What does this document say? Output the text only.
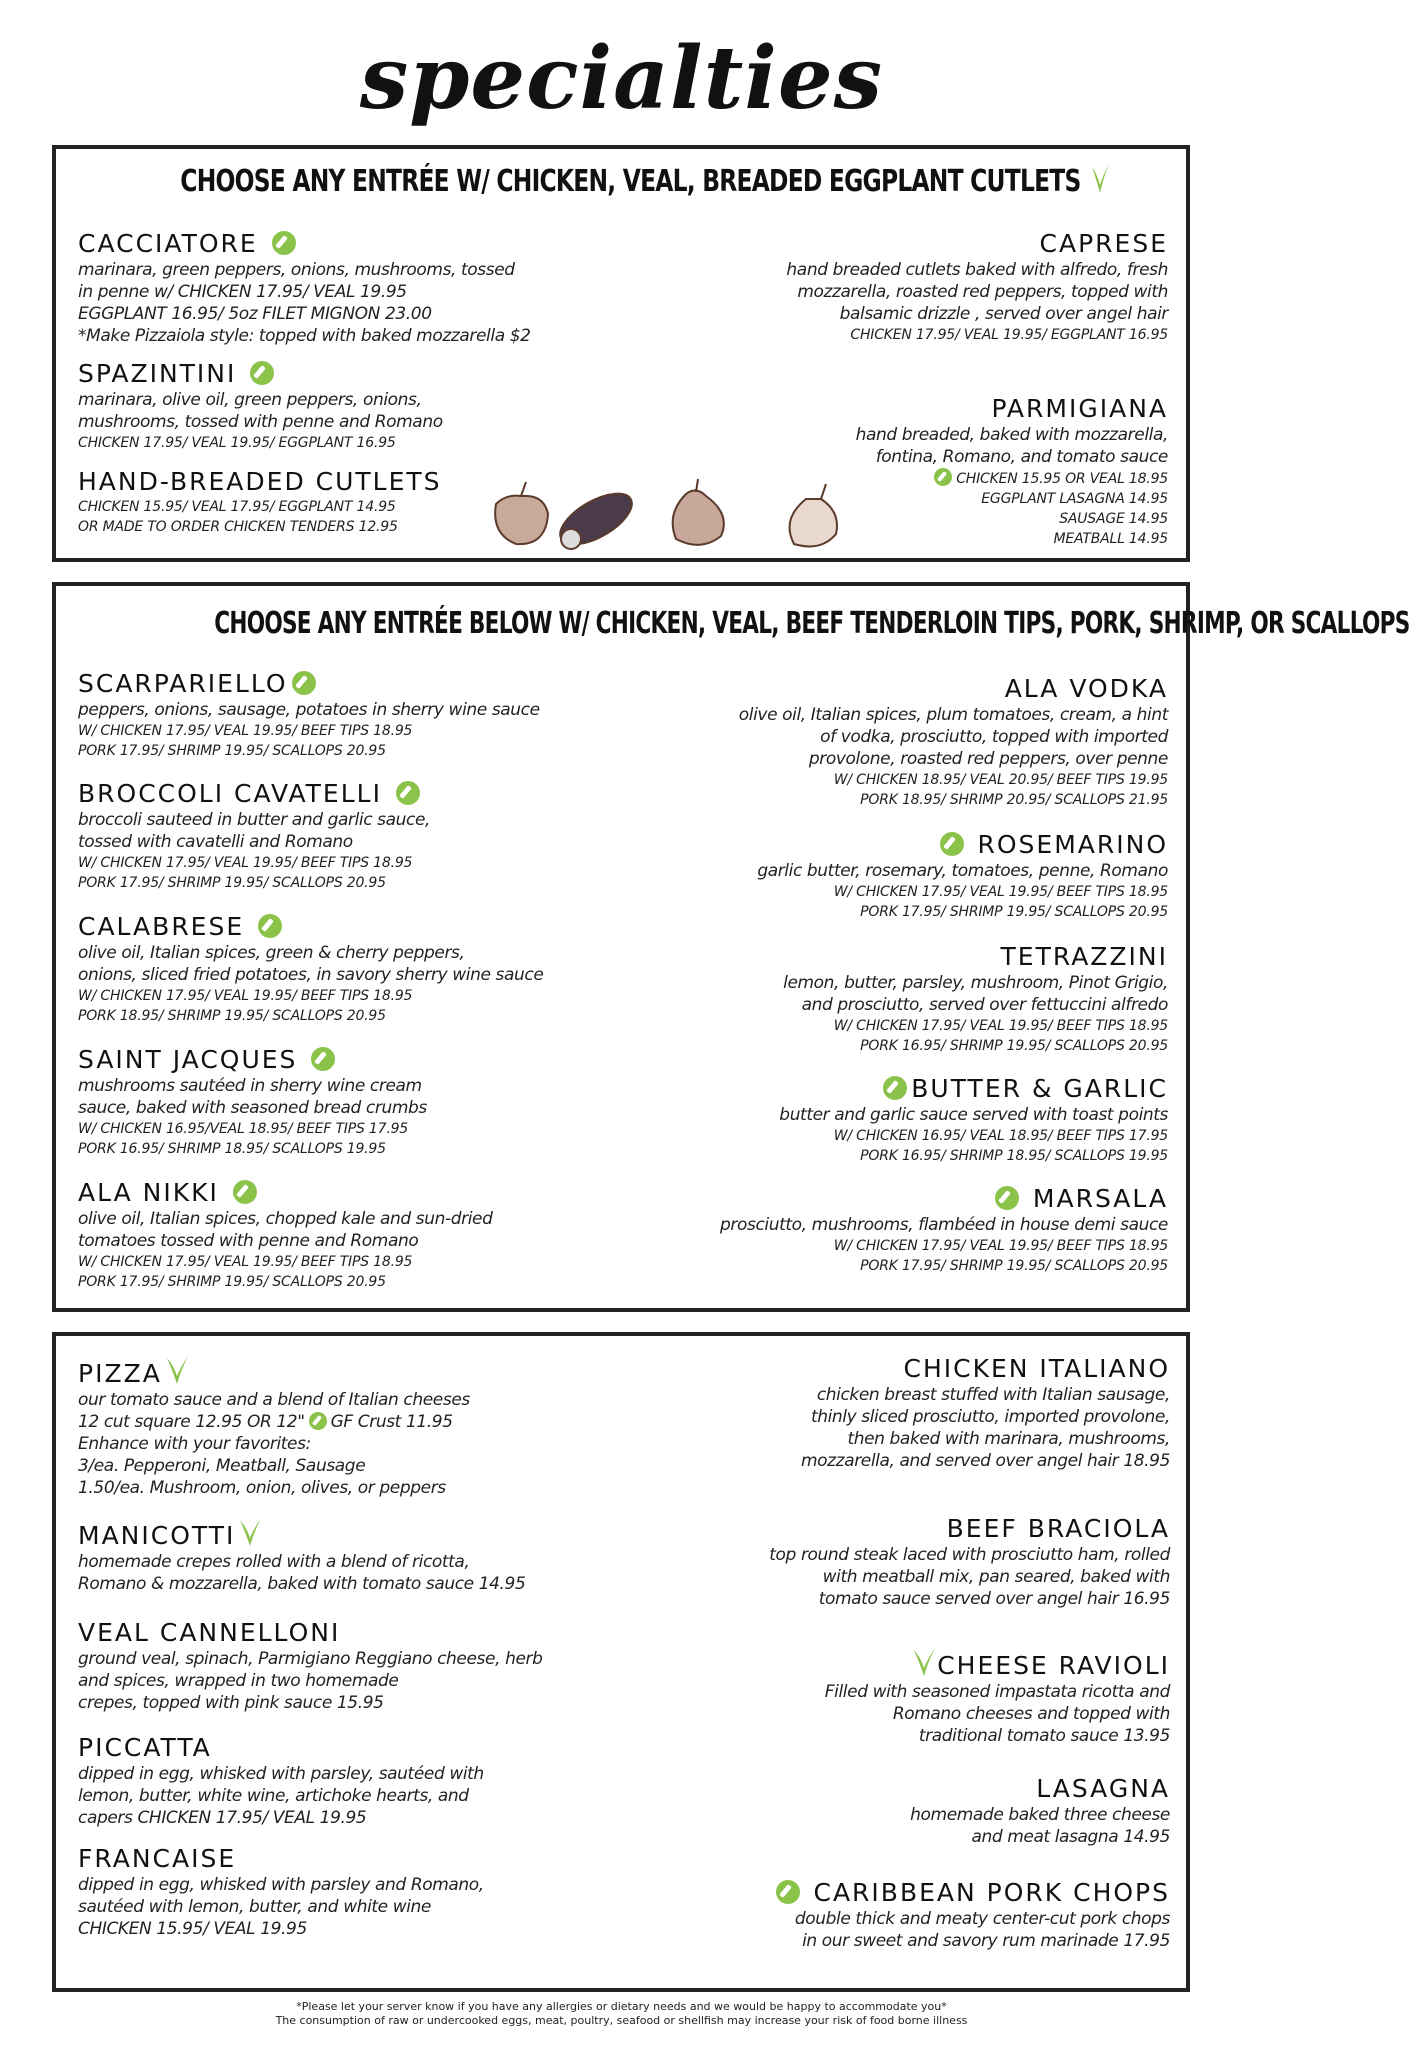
specialties
CHOOSE ANY ENTRÉE W/ CHICKEN, VEAL, BREADED EGGPLANT CUTLETS
CACCIATORE
marinara, green peppers, onions, mushrooms, tossed
in penne w/ CHICKEN 17.95/ VEAL 19.95
EGGPLANT 16.95/ 5oz FILET MIGNON 23.00
*Make Pizzaiola style: topped with baked mozzarella $2
SPAZINTINI
marinara, olive oil, green peppers, onions,
mushrooms, tossed with penne and Romano
CHICKEN 17.95/ VEAL 19.95/ EGGPLANT 16.95
HAND-BREADED CUTLETS
CHICKEN 15.95/ VEAL 17.95/ EGGPLANT 14.95
OR MADE TO ORDER CHICKEN TENDERS 12.95
CAPRESE
hand breaded cutlets baked with alfredo, fresh
mozzarella, roasted red peppers, topped with
balsamic drizzle , served over angel hair
CHICKEN 17.95/ VEAL 19.95/ EGGPLANT 16.95
PARMIGIANA
hand breaded, baked with mozzarella,
fontina, Romano, and tomato sauce
CHICKEN 15.95 OR VEAL 18.95
EGGPLANT LASAGNA 14.95
SAUSAGE 14.95
MEATBALL 14.95
CHOOSE ANY ENTRÉE BELOW W/ CHICKEN, VEAL, BEEF TENDERLOIN TIPS, PORK, SHRIMP, OR SCALLOPS
SCARPARIELLO
peppers, onions, sausage, potatoes in sherry wine sauce
W/ CHICKEN 17.95/ VEAL 19.95/ BEEF TIPS 18.95
PORK 17.95/ SHRIMP 19.95/ SCALLOPS 20.95
BROCCOLI CAVATELLI
broccoli sauteed in butter and garlic sauce,
tossed with cavatelli and Romano
W/ CHICKEN 17.95/ VEAL 19.95/ BEEF TIPS 18.95
PORK 17.95/ SHRIMP 19.95/ SCALLOPS 20.95
CALABRESE
olive oil, Italian spices, green & cherry peppers,
onions, sliced fried potatoes, in savory sherry wine sauce
W/ CHICKEN 17.95/ VEAL 19.95/ BEEF TIPS 18.95
PORK 18.95/ SHRIMP 19.95/ SCALLOPS 20.95
SAINT JACQUES
mushrooms sautéed in sherry wine cream
sauce, baked with seasoned bread crumbs
W/ CHICKEN 16.95/VEAL 18.95/ BEEF TIPS 17.95
PORK 16.95/ SHRIMP 18.95/ SCALLOPS 19.95
ALA NIKKI
olive oil, Italian spices, chopped kale and sun-dried
tomatoes tossed with penne and Romano
W/ CHICKEN 17.95/ VEAL 19.95/ BEEF TIPS 18.95
PORK 17.95/ SHRIMP 19.95/ SCALLOPS 20.95
ALA VODKA
olive oil, Italian spices, plum tomatoes, cream, a hint
of vodka, prosciutto, topped with imported
provolone, roasted red peppers, over penne
W/ CHICKEN 18.95/ VEAL 20.95/ BEEF TIPS 19.95
PORK 18.95/ SHRIMP 20.95/ SCALLOPS 21.95
ROSEMARINO
garlic butter, rosemary, tomatoes, penne, Romano
W/ CHICKEN 17.95/ VEAL 19.95/ BEEF TIPS 18.95
PORK 17.95/ SHRIMP 19.95/ SCALLOPS 20.95
TETRAZZINI
lemon, butter, parsley, mushroom, Pinot Grigio,
and prosciutto, served over fettuccini alfredo
W/ CHICKEN 17.95/ VEAL 19.95/ BEEF TIPS 18.95
PORK 16.95/ SHRIMP 19.95/ SCALLOPS 20.95
BUTTER & GARLIC
butter and garlic sauce served with toast points
W/ CHICKEN 16.95/ VEAL 18.95/ BEEF TIPS 17.95
PORK 16.95/ SHRIMP 18.95/ SCALLOPS 19.95
MARSALA
prosciutto, mushrooms, flambéed in house demi sauce
W/ CHICKEN 17.95/ VEAL 19.95/ BEEF TIPS 18.95
PORK 17.95/ SHRIMP 19.95/ SCALLOPS 20.95
PIZZA
our tomato sauce and a blend of Italian cheeses
12 cut square 12.95 OR 12" GF Crust 11.95
Enhance with your favorites:
3/ea. Pepperoni, Meatball, Sausage
1.50/ea. Mushroom, onion, olives, or peppers
MANICOTTI
homemade crepes rolled with a blend of ricotta,
Romano & mozzarella, baked with tomato sauce 14.95
VEAL CANNELLONI
ground veal, spinach, Parmigiano Reggiano cheese, herb
and spices, wrapped in two homemade
crepes, topped with pink sauce 15.95
PICCATTA
dipped in egg, whisked with parsley, sautéed with
lemon, butter, white wine, artichoke hearts, and
capers CHICKEN 17.95/ VEAL 19.95
FRANCAISE
dipped in egg, whisked with parsley and Romano,
sautéed with lemon, butter, and white wine
CHICKEN 15.95/ VEAL 19.95
CHICKEN ITALIANO
chicken breast stuffed with Italian sausage,
thinly sliced prosciutto, imported provolone,
then baked with marinara, mushrooms,
mozzarella, and served over angel hair 18.95
BEEF BRACIOLA
top round steak laced with prosciutto ham, rolled
with meatball mix, pan seared, baked with
tomato sauce served over angel hair 16.95
CHEESE RAVIOLI
Filled with seasoned impastata ricotta and
Romano cheeses and topped with
traditional tomato sauce 13.95
LASAGNA
homemade baked three cheese
and meat lasagna 14.95
CARIBBEAN PORK CHOPS
double thick and meaty center-cut pork chops
in our sweet and savory rum marinade 17.95
*Please let your server know if you have any allergies or dietary needs and we would be happy to accommodate you*
The consumption of raw or undercooked eggs, meat, poultry, seafood or shellfish may increase your risk of food borne illness
